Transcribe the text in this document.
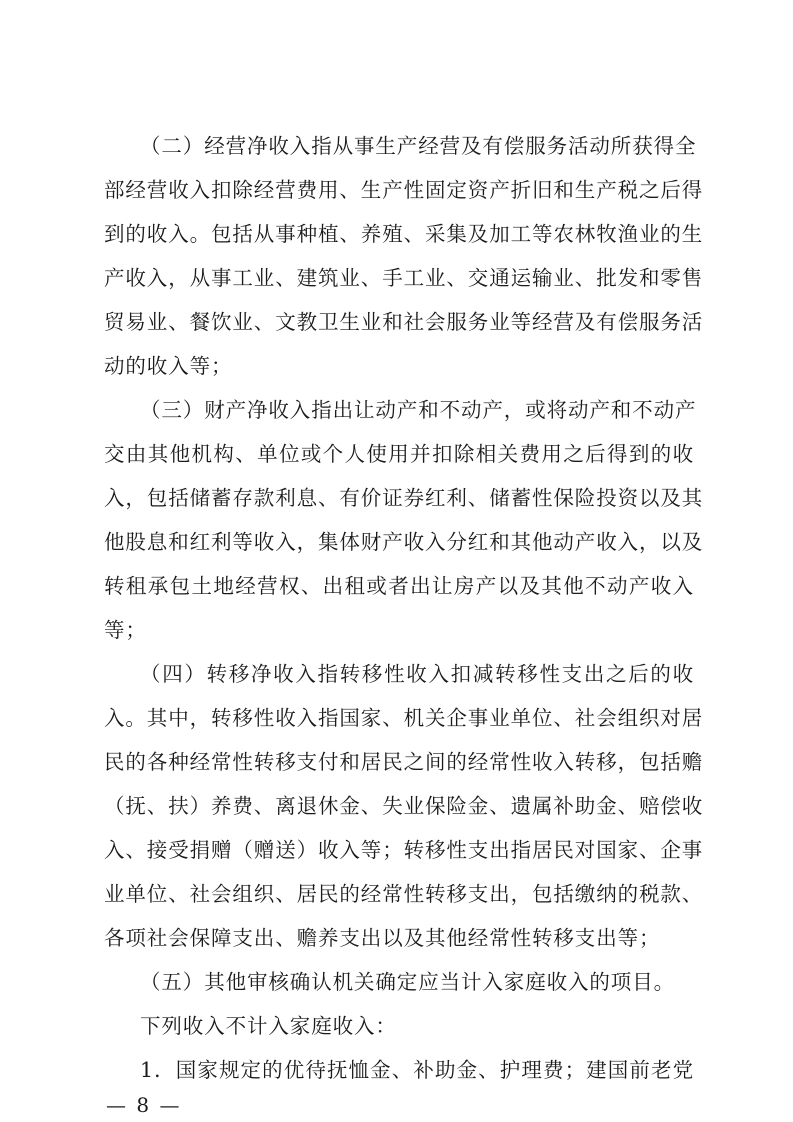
（二）经营净收入指从事生产经营及有偿服务活动所获得全
部经营收入扣除经营费用、生产性固定资产折旧和生产税之后得
到的收入。包括从事种植、养殖、采集及加工等农林牧渔业的生
产收入，从事工业、建筑业、手工业、交通运输业、批发和零售
贸易业、餐饮业、文教卫生业和社会服务业等经营及有偿服务活
动的收入等；
（三）财产净收入指出让动产和不动产，或将动产和不动产
交由其他机构、单位或个人使用并扣除相关费用之后得到的收
入，包括储蓄存款利息、有价证券红利、储蓄性保险投资以及其
他股息和红利等收入，集体财产收入分红和其他动产收入，以及
转租承包土地经营权、出租或者出让房产以及其他不动产收入
等；
（四）转移净收入指转移性收入扣减转移性支出之后的收
入。其中，转移性收入指国家、机关企事业单位、社会组织对居
民的各种经常性转移支付和居民之间的经常性收入转移，包括赡
（抚、扶）养费、离退休金、失业保险金、遗属补助金、赔偿收
入、接受捐赠（赠送）收入等；转移性支出指居民对国家、企事
业单位、社会组织、居民的经常性转移支出，包括缴纳的税款、
各项社会保障支出、赡养支出以及其他经常性转移支出等；
（五）其他审核确认机关确定应当计入家庭收入的项目。
下列收入不计入家庭收入：
1．国家规定的优待抚恤金、补助金、护理费；建国前老党
— 8 —
